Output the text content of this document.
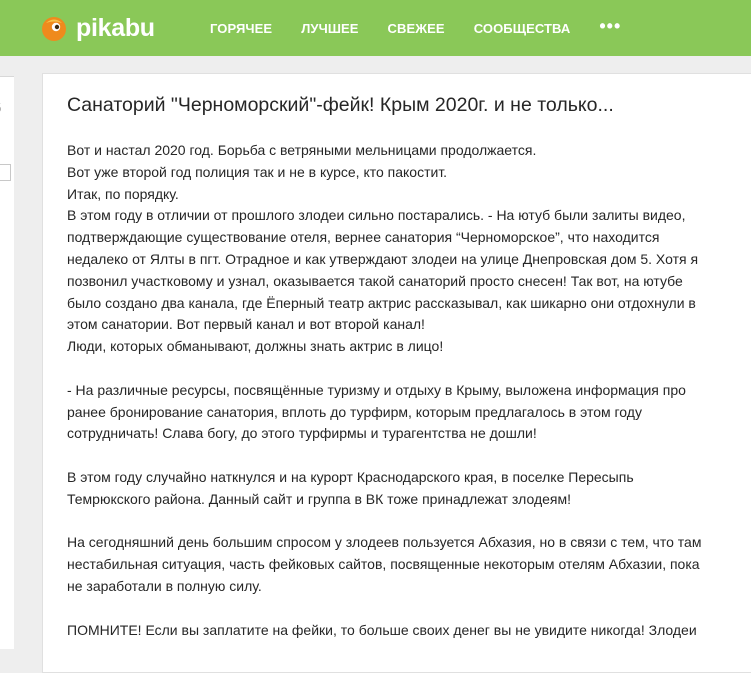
pikabu	ГОРЯЧЕЕ ЛУЧШЕЕ СВЕЖЕЕ СООБЩЕСТВА •••
Санаторий "Черноморский"-фейк! Крым 2020г. и не только...

Вот и настал 2020 год. Борьба с ветряными мельницами продолжается.
Вот уже второй год полиция так и не в курсе, кто пакостит.
Итак, по порядку.
В этом году в отличии от прошлого злодеи сильно постарались. - На ютуб были залиты видео,
подтверждающие существование отеля, вернее санатория “Черноморское”, что находится
недалеко от Ялты в пгт. Отрадное и как утверждают злодеи на улице Днепровская дом 5. Хотя я
позвонил участковому и узнал, оказывается такой санаторий просто снесен! Так вот, на ютубе
было создано два канала, где Ёперный театр актрис рассказывал, как шикарно они отдохнули в
этом санатории. Вот первый канал и вот второй канал!
Люди, которых обманывают, должны знать актрис в лицо!

- На различные ресурсы, посвящённые туризму и отдыху в Крыму, выложена информация про
ранее бронирование санатория, вплоть до турфирм, которым предлагалось в этом году
сотрудничать! Слава богу, до этого турфирмы и турагентства не дошли!

В этом году случайно наткнулся и на курорт Краснодарского края, в поселке Пересыпь
Темрюкского района. Данный сайт и группа в ВК тоже принадлежат злодеям!

На сегодняшний день большим спросом у злодеев пользуется Абхазия, но в связи с тем, что там
нестабильная ситуация, часть фейковых сайтов, посвященные некоторым отелям Абхазии, пока
не заработали в полную силу.

ПОМНИТЕ! Если вы заплатите на фейки, то больше своих денег вы не увидите никогда! Злодеи
